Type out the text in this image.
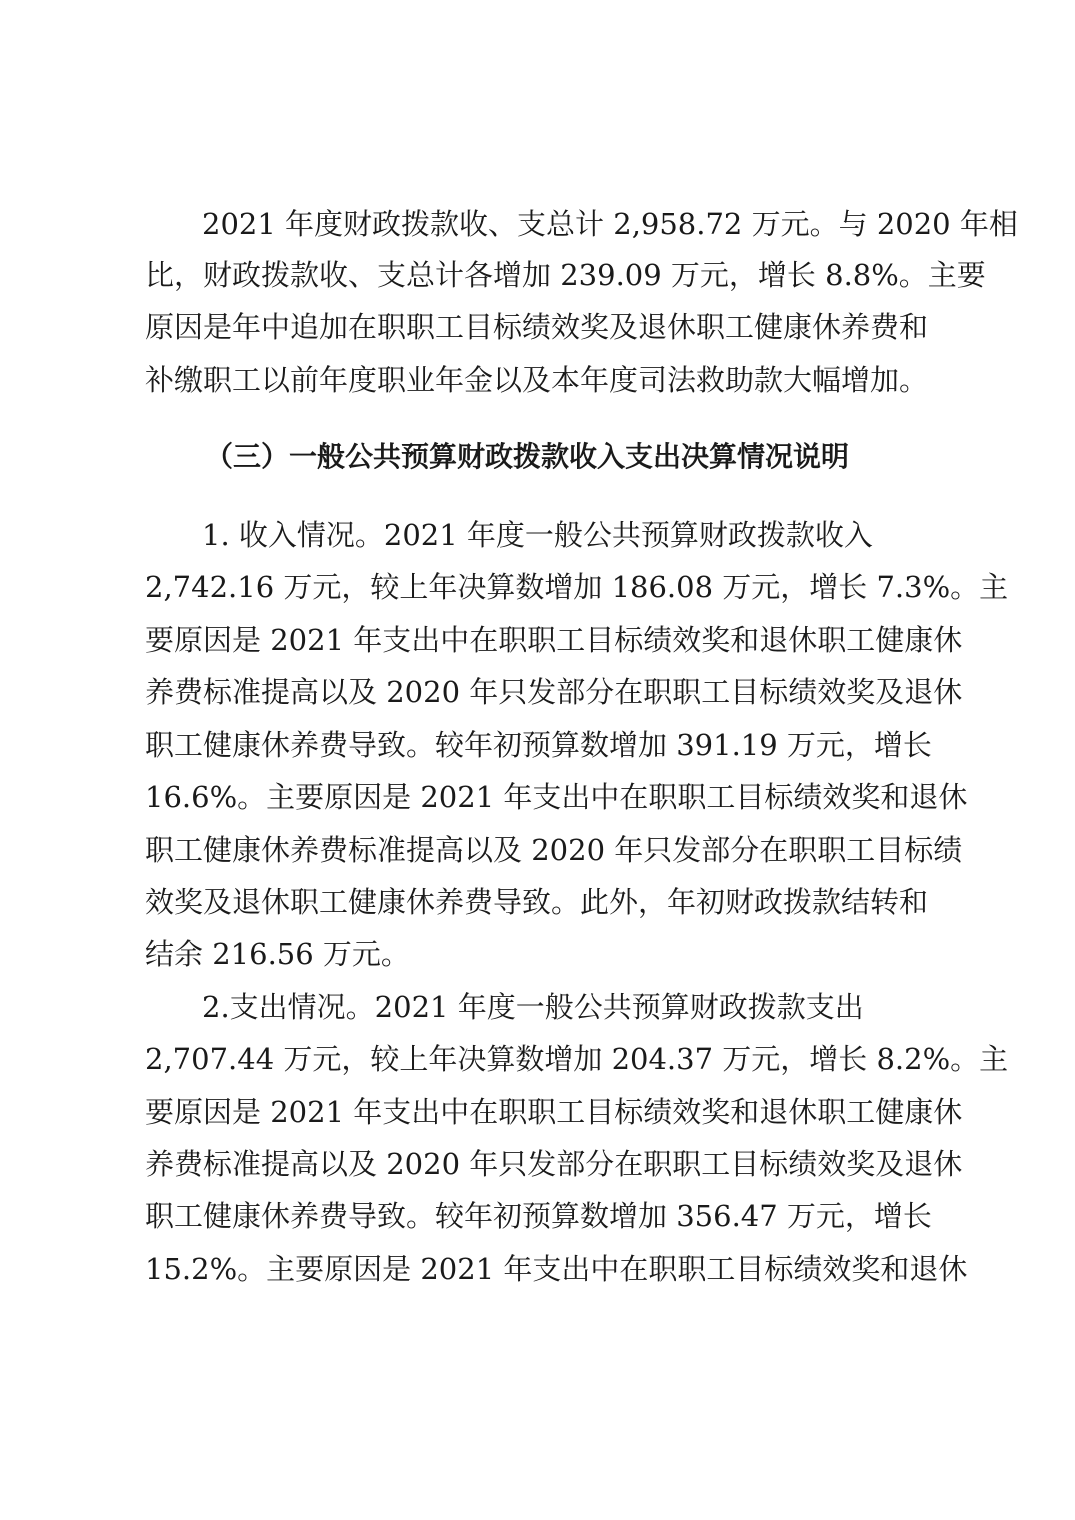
2021 年度财政拨款收、支总计 2,958.72 万元。与 2020 年相
比，财政拨款收、支总计各增加 239.09 万元，增长 8.8%。主要
原因是年中追加在职职工目标绩效奖及退休职工健康休养费和
补缴职工以前年度职业年金以及本年度司法救助款大幅增加。
（三）一般公共预算财政拨款收入支出决算情况说明
1. 收入情况。2021 年度一般公共预算财政拨款收入
2,742.16 万元，较上年决算数增加 186.08 万元，增长 7.3%。主
要原因是 2021 年支出中在职职工目标绩效奖和退休职工健康休
养费标准提高以及 2020 年只发部分在职职工目标绩效奖及退休
职工健康休养费导致。较年初预算数增加 391.19 万元，增长
16.6%。主要原因是 2021 年支出中在职职工目标绩效奖和退休
职工健康休养费标准提高以及 2020 年只发部分在职职工目标绩
效奖及退休职工健康休养费导致。此外，年初财政拨款结转和
结余 216.56 万元。
2.支出情况。2021 年度一般公共预算财政拨款支出
2,707.44 万元，较上年决算数增加 204.37 万元，增长 8.2%。主
要原因是 2021 年支出中在职职工目标绩效奖和退休职工健康休
养费标准提高以及 2020 年只发部分在职职工目标绩效奖及退休
职工健康休养费导致。较年初预算数增加 356.47 万元，增长
15.2%。主要原因是 2021 年支出中在职职工目标绩效奖和退休
